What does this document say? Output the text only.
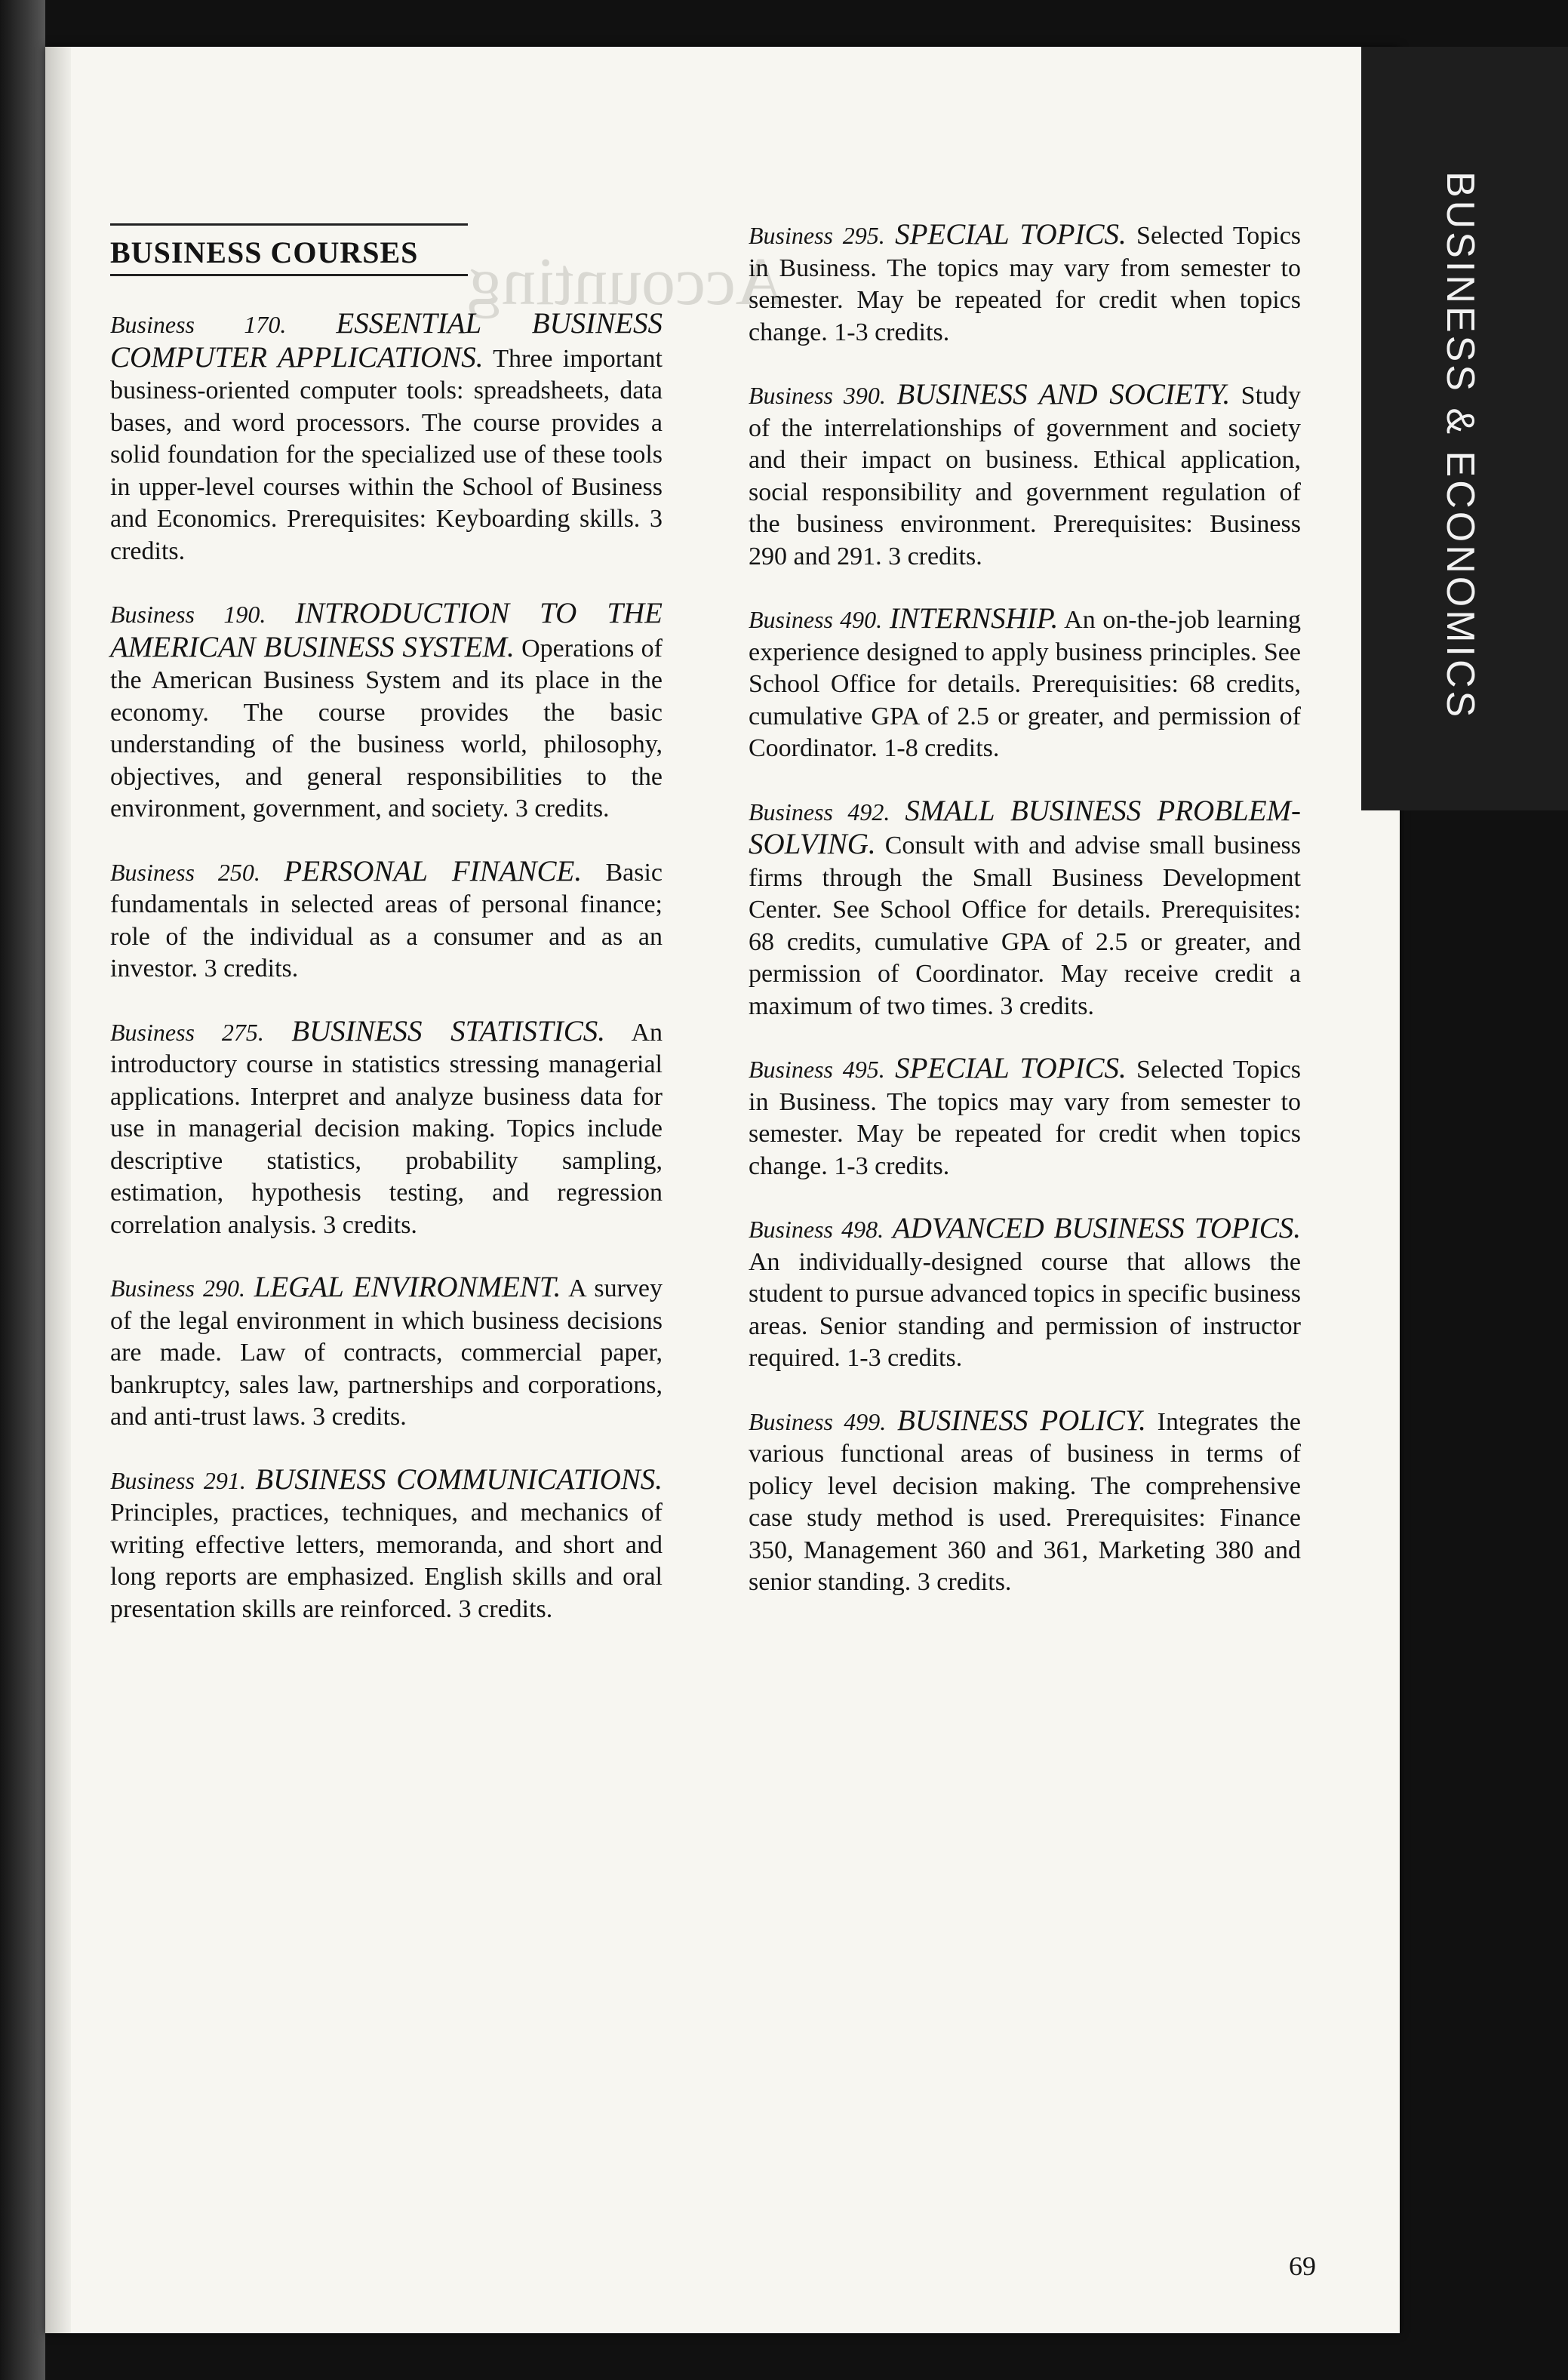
Accounting
	BUSINESS & ECONOMICS
BUSINESS COURSES
Business 170. ESSENTIAL BUSINESS COMPUTER APPLICATIONS. Three important business-oriented computer tools: spreadsheets, data bases, and word processors. The course provides a solid foundation for the specialized use of these tools in upper-level courses within the School of Business and Economics. Prerequisites: Keyboarding skills. 3 credits.
Business 190. INTRODUCTION TO THE AMERICAN BUSINESS SYSTEM. Operations of the American Business System and its place in the economy. The course provides the basic understanding of the business world, philosophy, objectives, and general responsibilities to the environment, government, and society. 3 credits.
Business 250. PERSONAL FINANCE. Basic fundamentals in selected areas of personal finance; role of the individual as a consumer and as an investor. 3 credits.
Business 275. BUSINESS STATISTICS. An introductory course in statistics stressing managerial applications. Interpret and analyze business data for use in managerial decision making. Topics include descriptive statistics, probability sampling, estimation, hypothesis testing, and regression correlation analysis. 3 credits.
Business 290. LEGAL ENVIRONMENT. A survey of the legal environment in which business decisions are made. Law of contracts, commercial paper, bankruptcy, sales law, partnerships and corporations, and anti-trust laws. 3 credits.
Business 291. BUSINESS COMMUNICATIONS. Principles, practices, techniques, and mechanics of writing effective letters, memoranda, and short and long reports are emphasized. English skills and oral presentation skills are reinforced. 3 credits.
Business 295. SPECIAL TOPICS. Selected Topics in Business. The topics may vary from semester to semester. May be repeated for credit when topics change. 1-3 credits.
Business 390. BUSINESS AND SOCIETY. Study of the interrelationships of government and society and their impact on business. Ethical application, social responsibility and government regulation of the business environment. Prerequisites: Business 290 and 291. 3 credits.
Business 490. INTERNSHIP. An on-the-job learning experience designed to apply business principles. See School Office for details. Prerequisities: 68 credits, cumulative GPA of 2.5 or greater, and permission of Coordinator. 1-8 credits.
Business 492. SMALL BUSINESS PROBLEM-SOLVING. Consult with and advise small business firms through the Small Business Development Center. See School Office for details. Prerequisites: 68 credits, cumulative GPA of 2.5 or greater, and permission of Coordinator. May receive credit a maximum of two times. 3 credits.
Business 495. SPECIAL TOPICS. Selected Topics in Business. The topics may vary from semester to semester. May be repeated for credit when topics change. 1-3 credits.
Business 498. ADVANCED BUSINESS TOPICS. An individually-designed course that allows the student to pursue advanced topics in specific business areas. Senior standing and permission of instructor required. 1-3 credits.
Business 499. BUSINESS POLICY. Integrates the various functional areas of business in terms of policy level decision making. The comprehensive case study method is used. Prerequisites: Finance 350, Management 360 and 361, Marketing 380 and senior standing. 3 credits.
69
